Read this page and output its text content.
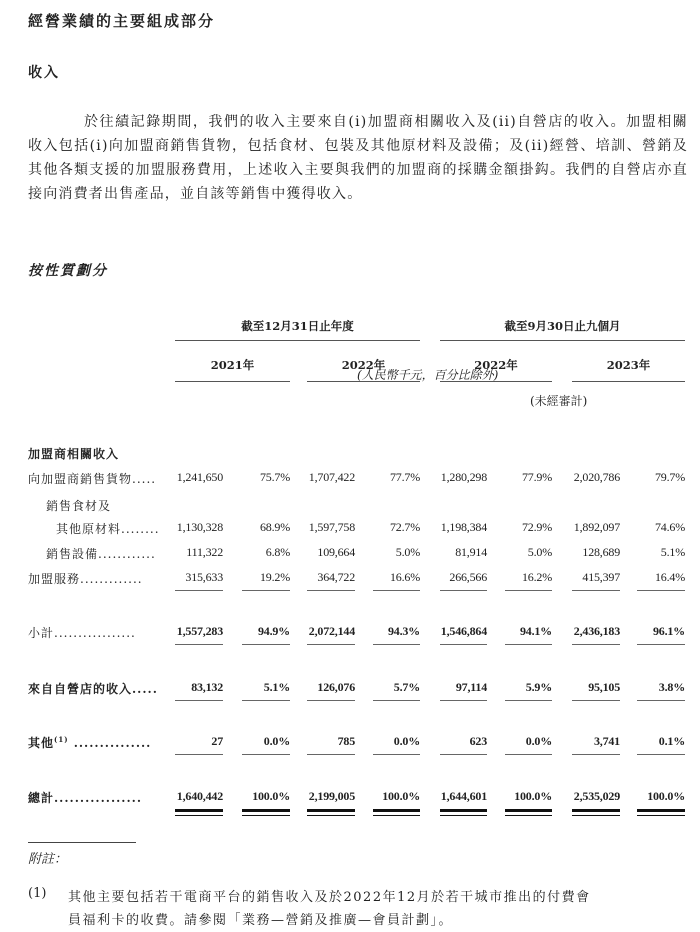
經營業績的主要組成部分
收入
於往績記錄期間，我們的收入主要來自(i)加盟商相關收入及(ii)自營店的收入。加盟相關收入包括(i)向加盟商銷售貨物，包括食材、包裝及其他原材料及設備；及(ii)經營、培訓、營銷及其他各類支援的加盟服務費用，上述收入主要與我們的加盟商的採購金額掛鈎。我們的自營店亦直接向消費者出售產品，並自該等銷售中獲得收入。
按性質劃分
截至12月31日止年度	截至9月30日止九個月
2021年	2022年	2022年	2023年
(人民幣千元，百分比除外)
(未經審計)
加盟商相關收入
向加盟商銷售貨物..... 1,241,650	75.7% 1,707,422	77.7% 1,280,298	77.9% 2,020,786	79.7%
銷售食材及
其他原材料........ 1,130,328	68.9% 1,597,758	72.7% 1,198,384	72.9% 1,892,097	74.6%
銷售設備............	111,322	6.8% 109,664	5.0%	81,914	5.0%	128,689	5.1%
加盟服務.............	315,633	19.2% 364,722	16.6% 266,566	16.2%	415,397	16.4%
小計.................	1,557,283	94.9% 2,072,144	94.3% 1,546,864	94.1% 2,436,183	96.1%
來自自營店的收入.....	83,132	5.1% 126,076	5.7%	97,114	5.9%	95,105	3.8%
其他$^{(1)}$ ...............	27	0.0%	785	0.0%	623	0.0%	3,741	0.1%
總計.................	1,640,442 100.0% 2,199,005 100.0% 1,644,601 100.0% 2,535,029 100.0%
附註：
(1) 其他主要包括若干電商平台的銷售收入及於2022年12月於若干城市推出的付費會
員福利卡的收費。請參閱「業務—營銷及推廣—會員計劃」。
